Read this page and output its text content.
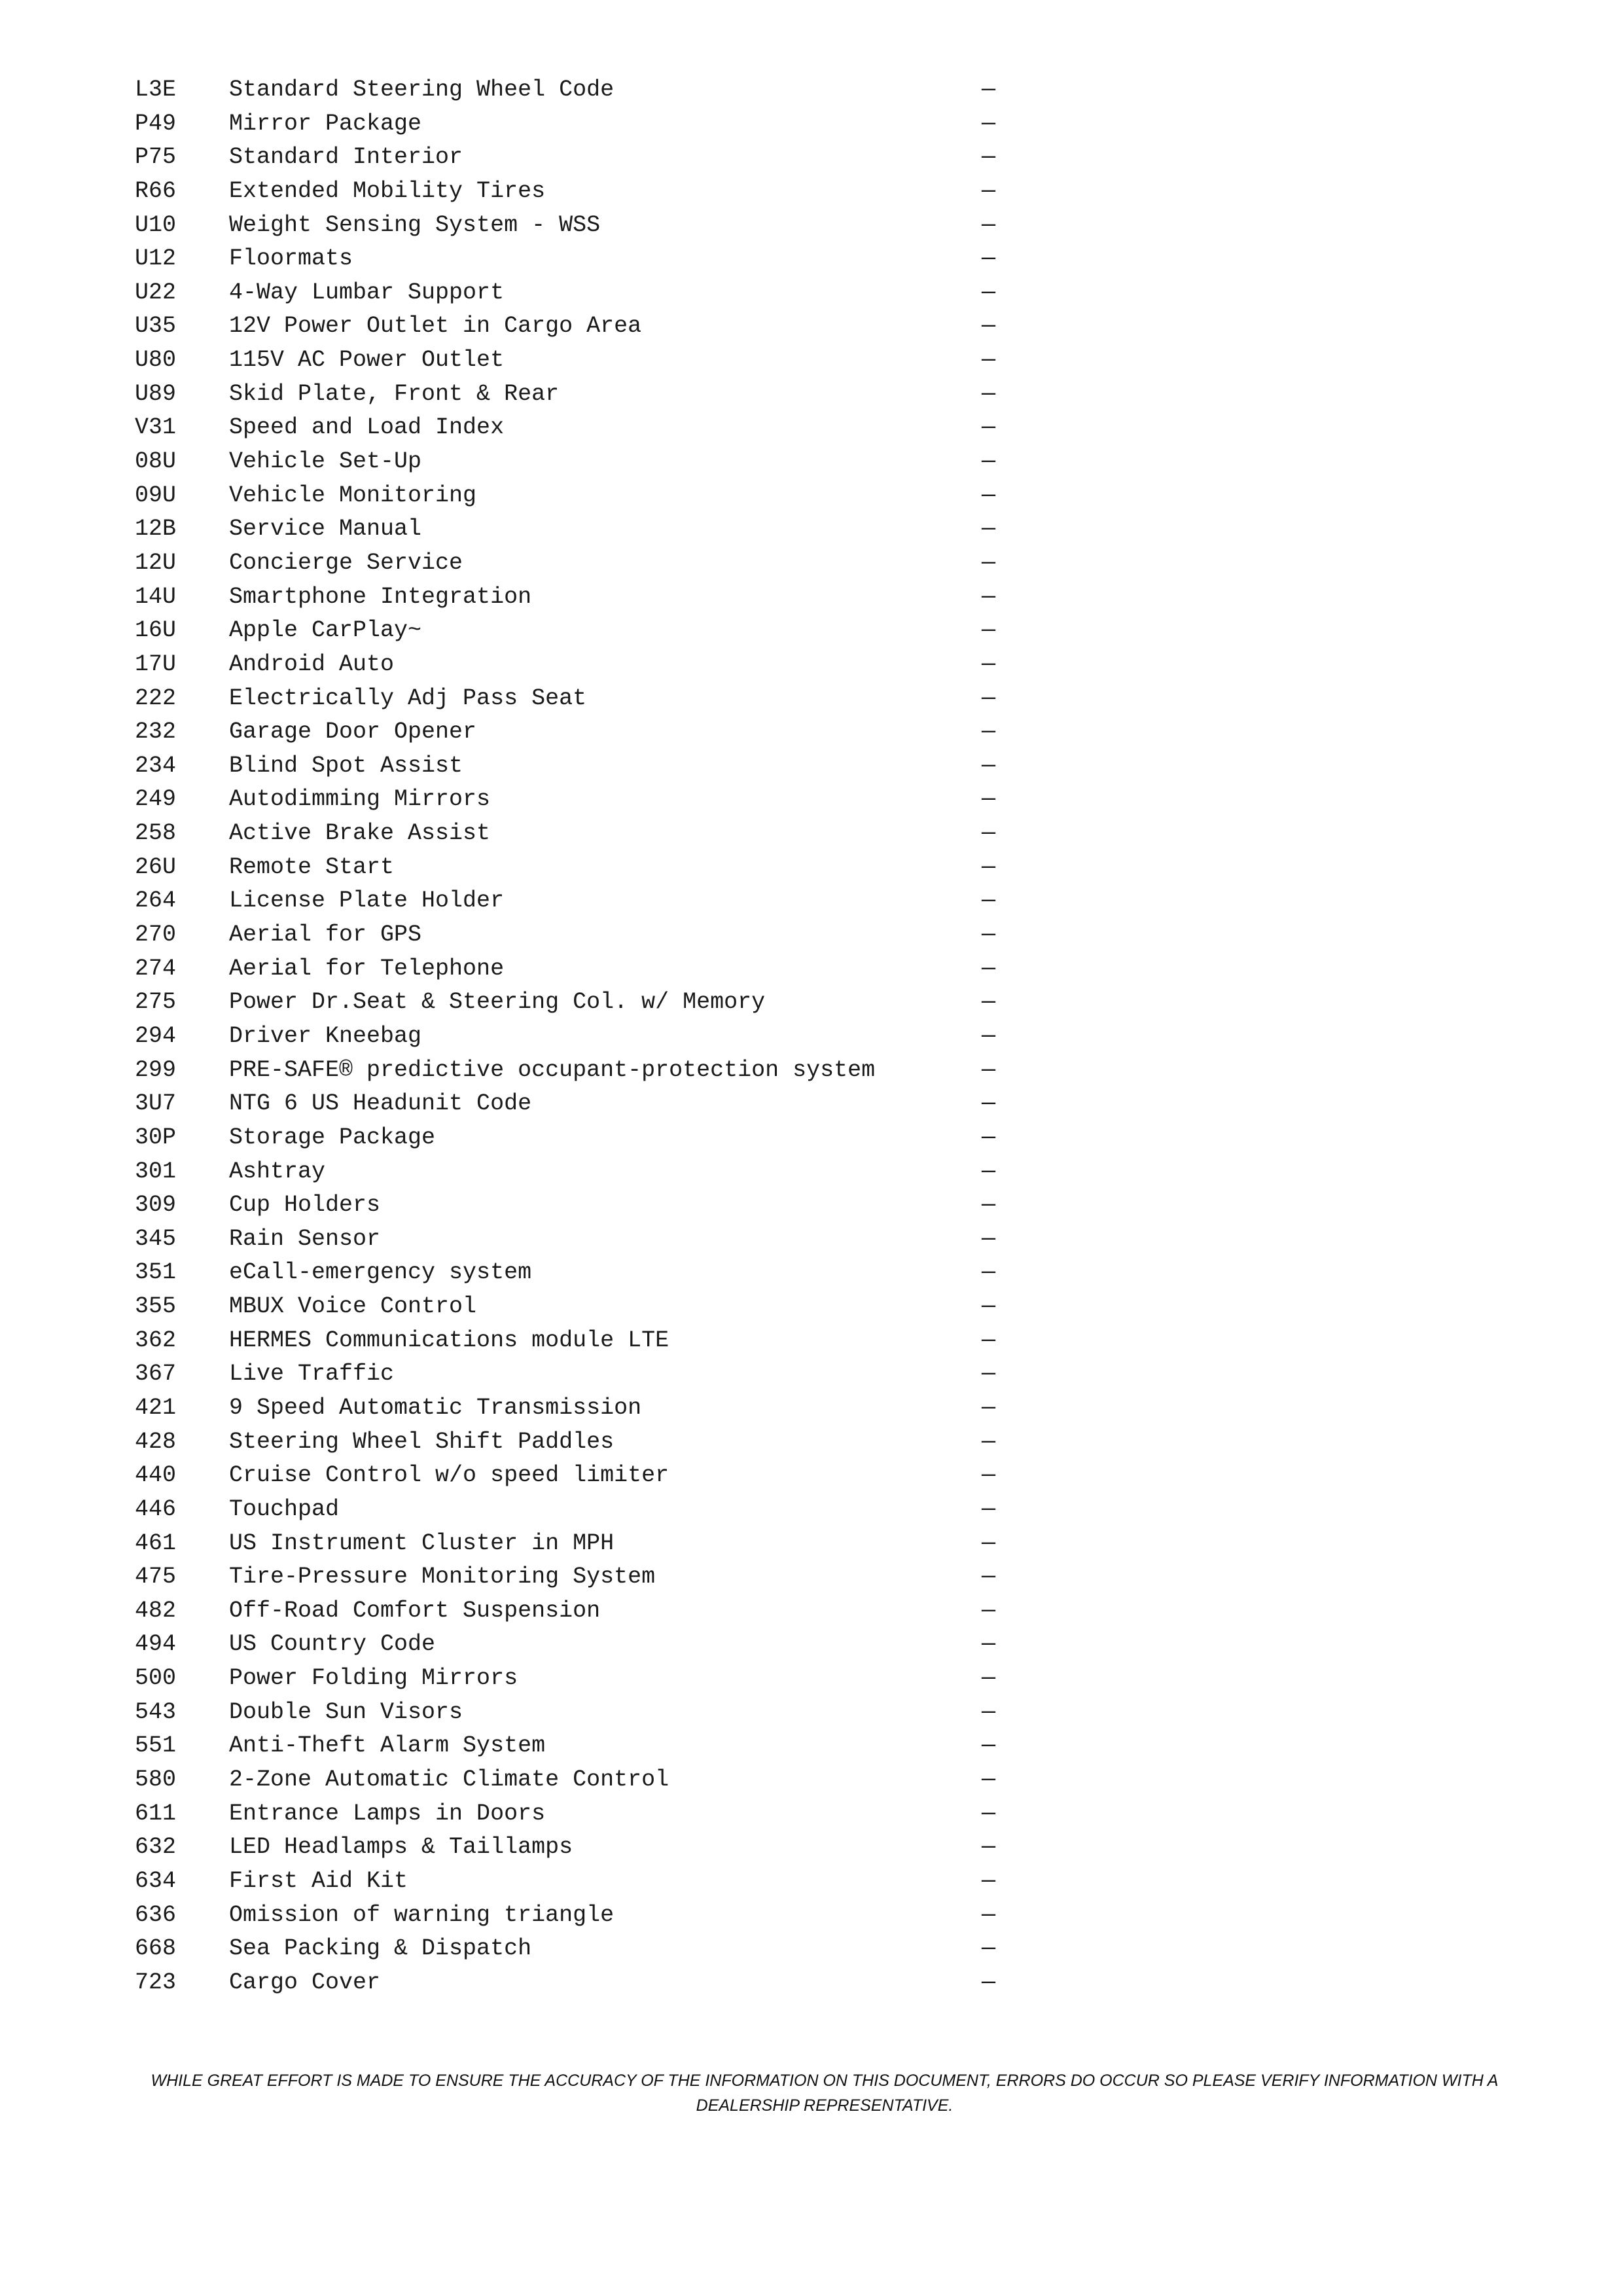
L3E Standard Steering Wheel Code	—
P49 Mirror Package	—
P75 Standard Interior	—
R66 Extended Mobility Tires	—
U10 Weight Sensing System - WSS	—
U12 Floormats	—
U22 4-Way Lumbar Support	—
U35 12V Power Outlet in Cargo Area	—
U80 115V AC Power Outlet	—
U89 Skid Plate, Front & Rear	—
V31 Speed and Load Index	—
08U Vehicle Set-Up	—
09U Vehicle Monitoring	—
12B Service Manual	—
12U Concierge Service	—
14U Smartphone Integration	—
16U Apple CarPlay~	—
17U Android Auto	—
222 Electrically Adj Pass Seat	—
232 Garage Door Opener	—
234 Blind Spot Assist	—
249 Autodimming Mirrors	—
258 Active Brake Assist	—
26U Remote Start	—
264 License Plate Holder	—
270 Aerial for GPS	—
274 Aerial for Telephone	—
275 Power Dr.Seat & Steering Col. w/ Memory	—
294 Driver Kneebag	—
299 PRE-SAFE® predictive occupant-protection system	—
3U7 NTG 6 US Headunit Code	—
30P Storage Package	—
301 Ashtray	—
309 Cup Holders	—
345 Rain Sensor	—
351 eCall-emergency system	—
355 MBUX Voice Control	—
362 HERMES Communications module LTE	—
367 Live Traffic	—
421 9 Speed Automatic Transmission	—
428 Steering Wheel Shift Paddles	—
440 Cruise Control w/o speed limiter	—
446 Touchpad	—
461 US Instrument Cluster in MPH	—
475 Tire-Pressure Monitoring System	—
482 Off-Road Comfort Suspension	—
494 US Country Code	—
500 Power Folding Mirrors	—
543 Double Sun Visors	—
551 Anti-Theft Alarm System	—
580 2-Zone Automatic Climate Control	—
611 Entrance Lamps in Doors	—
632 LED Headlamps & Taillamps	—
634 First Aid Kit	—
636 Omission of warning triangle	—
668 Sea Packing & Dispatch	—
723 Cargo Cover	—
WHILE GREAT EFFORT IS MADE TO ENSURE THE ACCURACY OF THE INFORMATION ON THIS DOCUMENT, ERRORS DO OCCUR SO PLEASE VERIFY INFORMATION WITH A
DEALERSHIP REPRESENTATIVE.
